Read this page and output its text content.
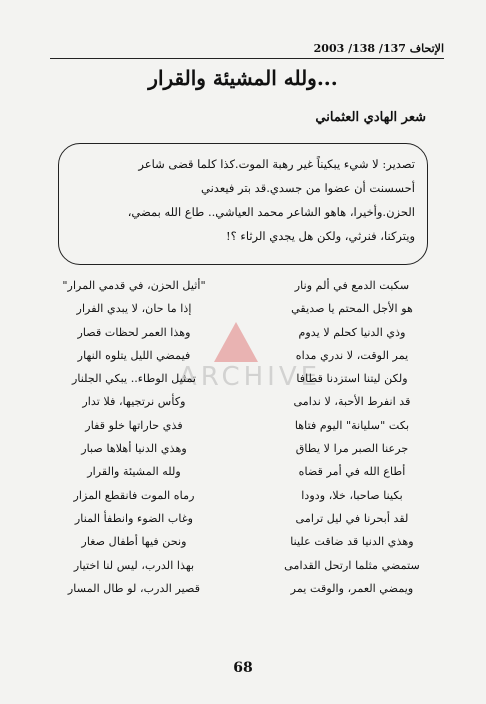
الإتحاف 137/ 138/ 2003
...ولله المشيئة والقرار
شعر الهادي العثماني

تصدير: لا شيء يبكيناً غير رهبة الموت.كذا كلما قضى شاعر

أحسسنت أن عضوا من جسدي.قد بتر فيعدني

الحزن.وأخيرا، هاهو الشاعر محمد العياشي.. طاع الله بمضي،

ويتركنا، فنرثي، ولكن هل يجدي الرثاء ؟!

ARCHIVE
سكبت الدمع في ألم ونار
"أثيل الحزن، في قدمي المرار"
هو الأجل المحتم يا صديقي
إذا ما حان، لا يبدي الفرار
وذي الدنيا كحلم لا يدوم
وهذا العمر لحظات قصار
يمر الوقت، لا ندري مداه
فيمضي الليل يتلوه النهار
ولكن ليتنا استزدنا قطافا
تمثيل الوطاء.. يبكي الجلنار
قد انفرط الأحبة، لا ندامى
وكأس نرتجيها، فلا تدار
بكت "سليانة" اليوم فتاها
فذي حاراتها خلو قفار
جرعنا الصبر مرا لا يطاق
وهذي الدنيا أهلاها صبار
أطاع الله في أمر قضاه
ولله المشيئة والقرار
بكينا صاحبا، خلا، ودودا
رماه الموت فانقطع المزار
لقد أبحرنا في ليل ترامى
وغاب الضوء وانطفأ المنار
وهذي الدنيا قد ضاقت علينا
ونحن فيها أطفال صغار
ستمضي مثلما ارتحل القدامى
بهذا الدرب، ليس لنا اختيار
ويمضي العمر، والوقت يمر
قصير الدرب، لو طال المسار
68
